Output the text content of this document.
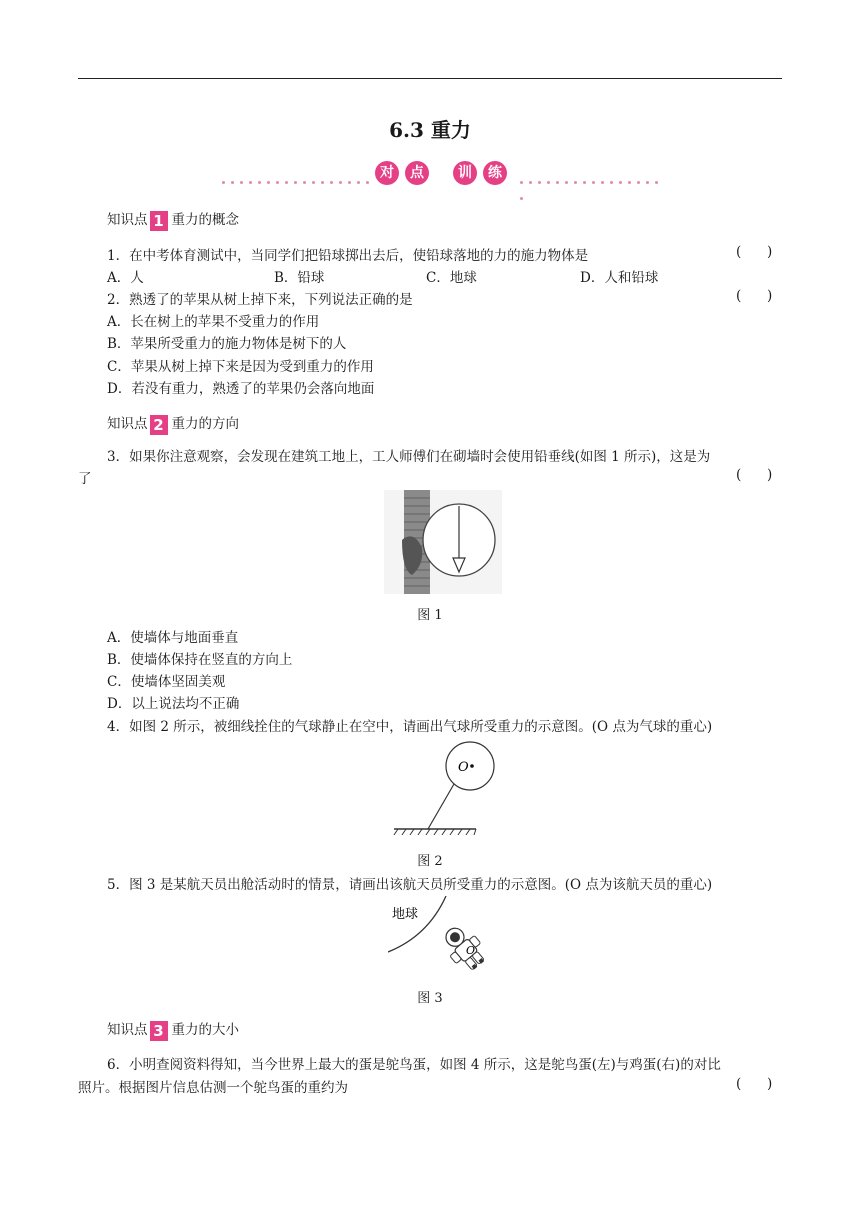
6.3 重力
对	点	训	练
知识点 1 重力的概念
1．在中考体育测试中，当同学们把铅球掷出去后，使铅球落地的力的施力物体是	(      )
A．人	B．铅球	C．地球	D．人和铅球
2．熟透了的苹果从树上掉下来，下列说法正确的是	(      )
A．长在树上的苹果不受重力的作用
B．苹果所受重力的施力物体是树下的人
C．苹果从树上掉下来是因为受到重力的作用
D．若没有重力，熟透了的苹果仍会落向地面
知识点 2 重力的方向
3．如果你注意观察，会发现在建筑工地上，工人师傅们在砌墙时会使用铅垂线(如图 1 所示)，这是为
了	(      )
图 1
A．使墙体与地面垂直
B．使墙体保持在竖直的方向上
C．使墙体坚固美观
D．以上说法均不正确
4．如图 2 所示，被细线拴住的气球静止在空中，请画出气球所受重力的示意图。(O 点为气球的重心)
O
图 2
5．图 3 是某航天员出舱活动时的情景，请画出该航天员所受重力的示意图。(O 点为该航天员的重心)
地球
O
图 3
知识点 3 重力的大小
6．小明查阅资料得知，当今世界上最大的蛋是鸵鸟蛋，如图 4 所示，这是鸵鸟蛋(左)与鸡蛋(右)的对比
照片。根据图片信息估测一个鸵鸟蛋的重约为	(      )
